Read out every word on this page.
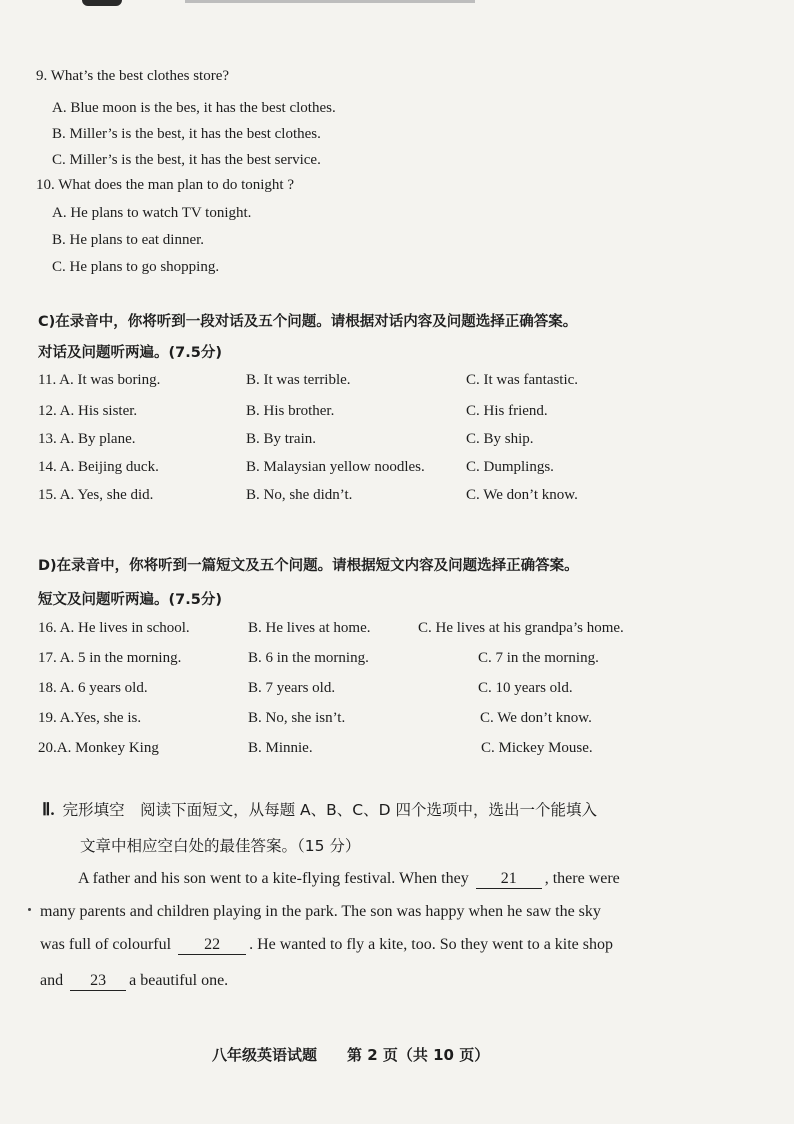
9. What’s the best clothes store?
A. Blue moon is the bes, it has the best clothes.
B. Miller’s is the best, it has the best clothes.
C. Miller’s is the best, it has the best service.
10. What does the man plan to do tonight ?
A. He plans to watch TV tonight.
B. He plans to eat dinner.
C. He plans to go shopping.
C)在录音中，你将听到一段对话及五个问题。请根据对话内容及问题选择正确答案。
对话及问题听两遍。(7.5分)
11. A. It was boring.	B. It was terrible.	C. It was fantastic.
12. A. His sister.	B. His brother.	C. His friend.
13. A. By plane.	B. By train.	C. By ship.
14. A. Beijing duck.	B. Malaysian yellow noodles.	C. Dumplings.
15. A. Yes, she did.	B. No, she didn’t.	C. We don’t know.
D)在录音中，你将听到一篇短文及五个问题。请根据短文内容及问题选择正确答案。
短文及问题听两遍。(7.5分)
16. A. He lives in school.	B. He lives at home.	C. He lives at his grandpa’s home.
17. A. 5 in the morning.	B. 6 in the morning.	C. 7 in the morning.
18. A. 6 years old.	B. 7 years old.	C. 10 years old.
19. A.Yes, she is.	B. No, she isn’t.	C. We don’t know.
20.A. Monkey King	B. Minnie.	C. Mickey Mouse.
Ⅱ. 完形填空　阅读下面短文，从每题 A、B、C、D 四个选项中，选出一个能填入
文章中相应空白处的最佳答案。（15 分）
A father and his son went to a kite-flying festival. When they 21 , there were
many parents and children playing in the park. The son was happy when he saw the sky
was full of colourful 22 . He wanted to fly a kite, too. So they went to a kite shop
and 23 a beautiful one.
八年级英语试题 第 2 页（共 10 页）
